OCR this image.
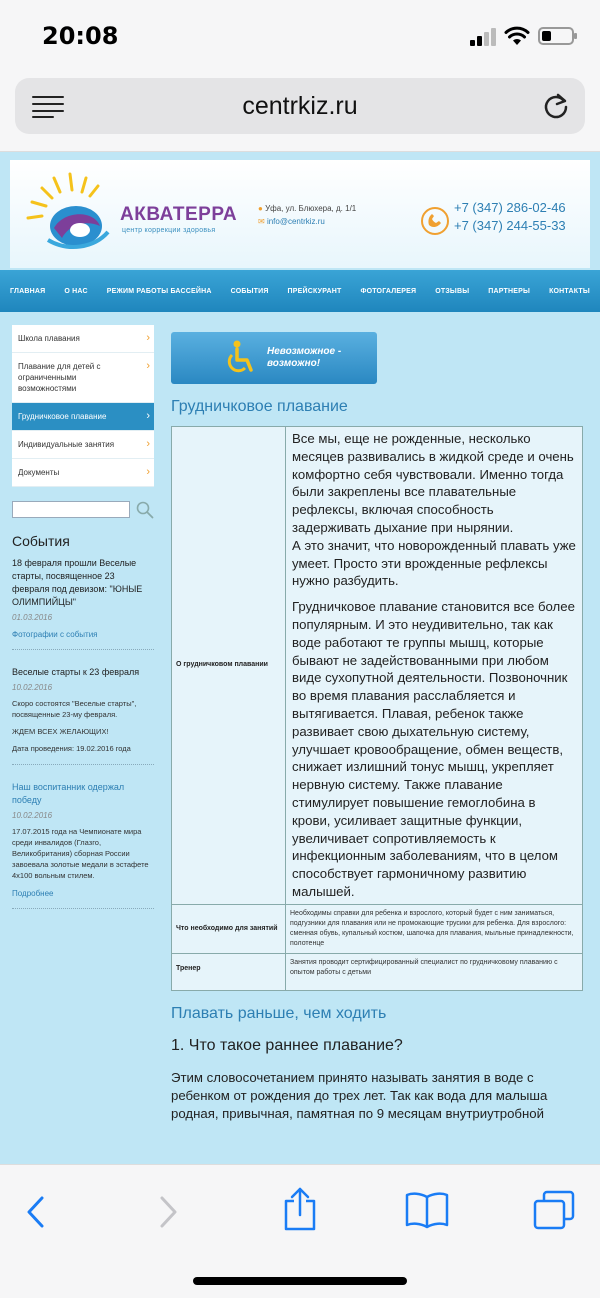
20:08
centrkiz.ru
АКВАТЕРРА
центр коррекции здоровья
● Уфа, ул. Блюхера, д. 1/1
✉ info@centrkiz.ru
+7 (347) 286-02-46
+7 (347) 244-55-33
ГЛАВНАЯ	О НАС	РЕЖИМ РАБОТЫ БАССЕЙНА	СОБЫТИЯ	ПРЕЙСКУРАНТ	ФОТОГАЛЕРЕЯ	ОТЗЫВЫ	ПАРТНЕРЫ	КОНТАКТЫ
Школа плавания	›
Плавание для детей с ограниченными возможностями
›
Грудничковое плавание	›
Индивидуальные занятия	›
Документы	›
События
18 февраля прошли Веселые старты, посвященное 23 февраля под девизом: "ЮНЫЕ ОЛИМПИЙЦЫ"
01.03.2016
Фотографии с события
Веселые старты к 23 февраля
10.02.2016
Скоро состоятся "Веселые старты", посвященные 23-му февраля.
ЖДЕМ ВСЕХ ЖЕЛАЮЩИХ!
Дата проведения: 19.02.2016 года
Наш воспитанник одержал победу
10.02.2016
17.07.2015 года на Чемпионате мира среди инвалидов (Глазго, Великобритания) сборная России завоевала золотые медали в эстафете 4х100 вольным стилем.
Подробнее
Невозможное - возможно!
Грудничковое плавание
О грудничковом плавании	Все мы, еще не рожденные, несколько месяцев развивались в жидкой среде и очень комфортно себя чувствовали. Именно тогда были закреплены все плавательные рефлексы, включая способность задерживать дыхание при нырянии.
А это значит, что новорожденный плавать уже умеет. Просто эти врожденные рефлексы нужно разбудить.

Грудничковое плавание становится все более популярным. И это неудивительно, так как воде работают те группы мышц, которые бывают не задействованными при любом виде сухопутной деятельности. Позвоночник во время плавания расслабляется и вытягивается. Плавая, ребенок также развивает свою дыхательную систему, улучшает кровообращение, обмен веществ, снижает излишний тонус мышц, укрепляет нервную систему. Также плавание стимулирует повышение гемоглобина в крови, усиливает защитные функции, увеличивает сопротивляемость к инфекционным заболеваниям, что в целом способствует гармоничному развитию малышей.

Что необходимо для занятий	Необходимы справки для ребенка и взрослого, который будет с ним заниматься, подгузники для плавания или не промокающие трусики для ребенка. Для взрослого: сменная обувь, купальный костюм, шапочка для плавания, мыльные принадлежности, полотенце
Тренер	Занятия проводит сертифицированный специалист по грудничковому плаванию с опытом работы с детьми
Плавать раньше, чем ходить
1. Что такое раннее плавание?
Этим словосочетанием принято называть занятия в воде с ребенком от рождения до трех лет. Так как вода для малыша родная, привычная, памятная по 9 месяцам внутриутробной
